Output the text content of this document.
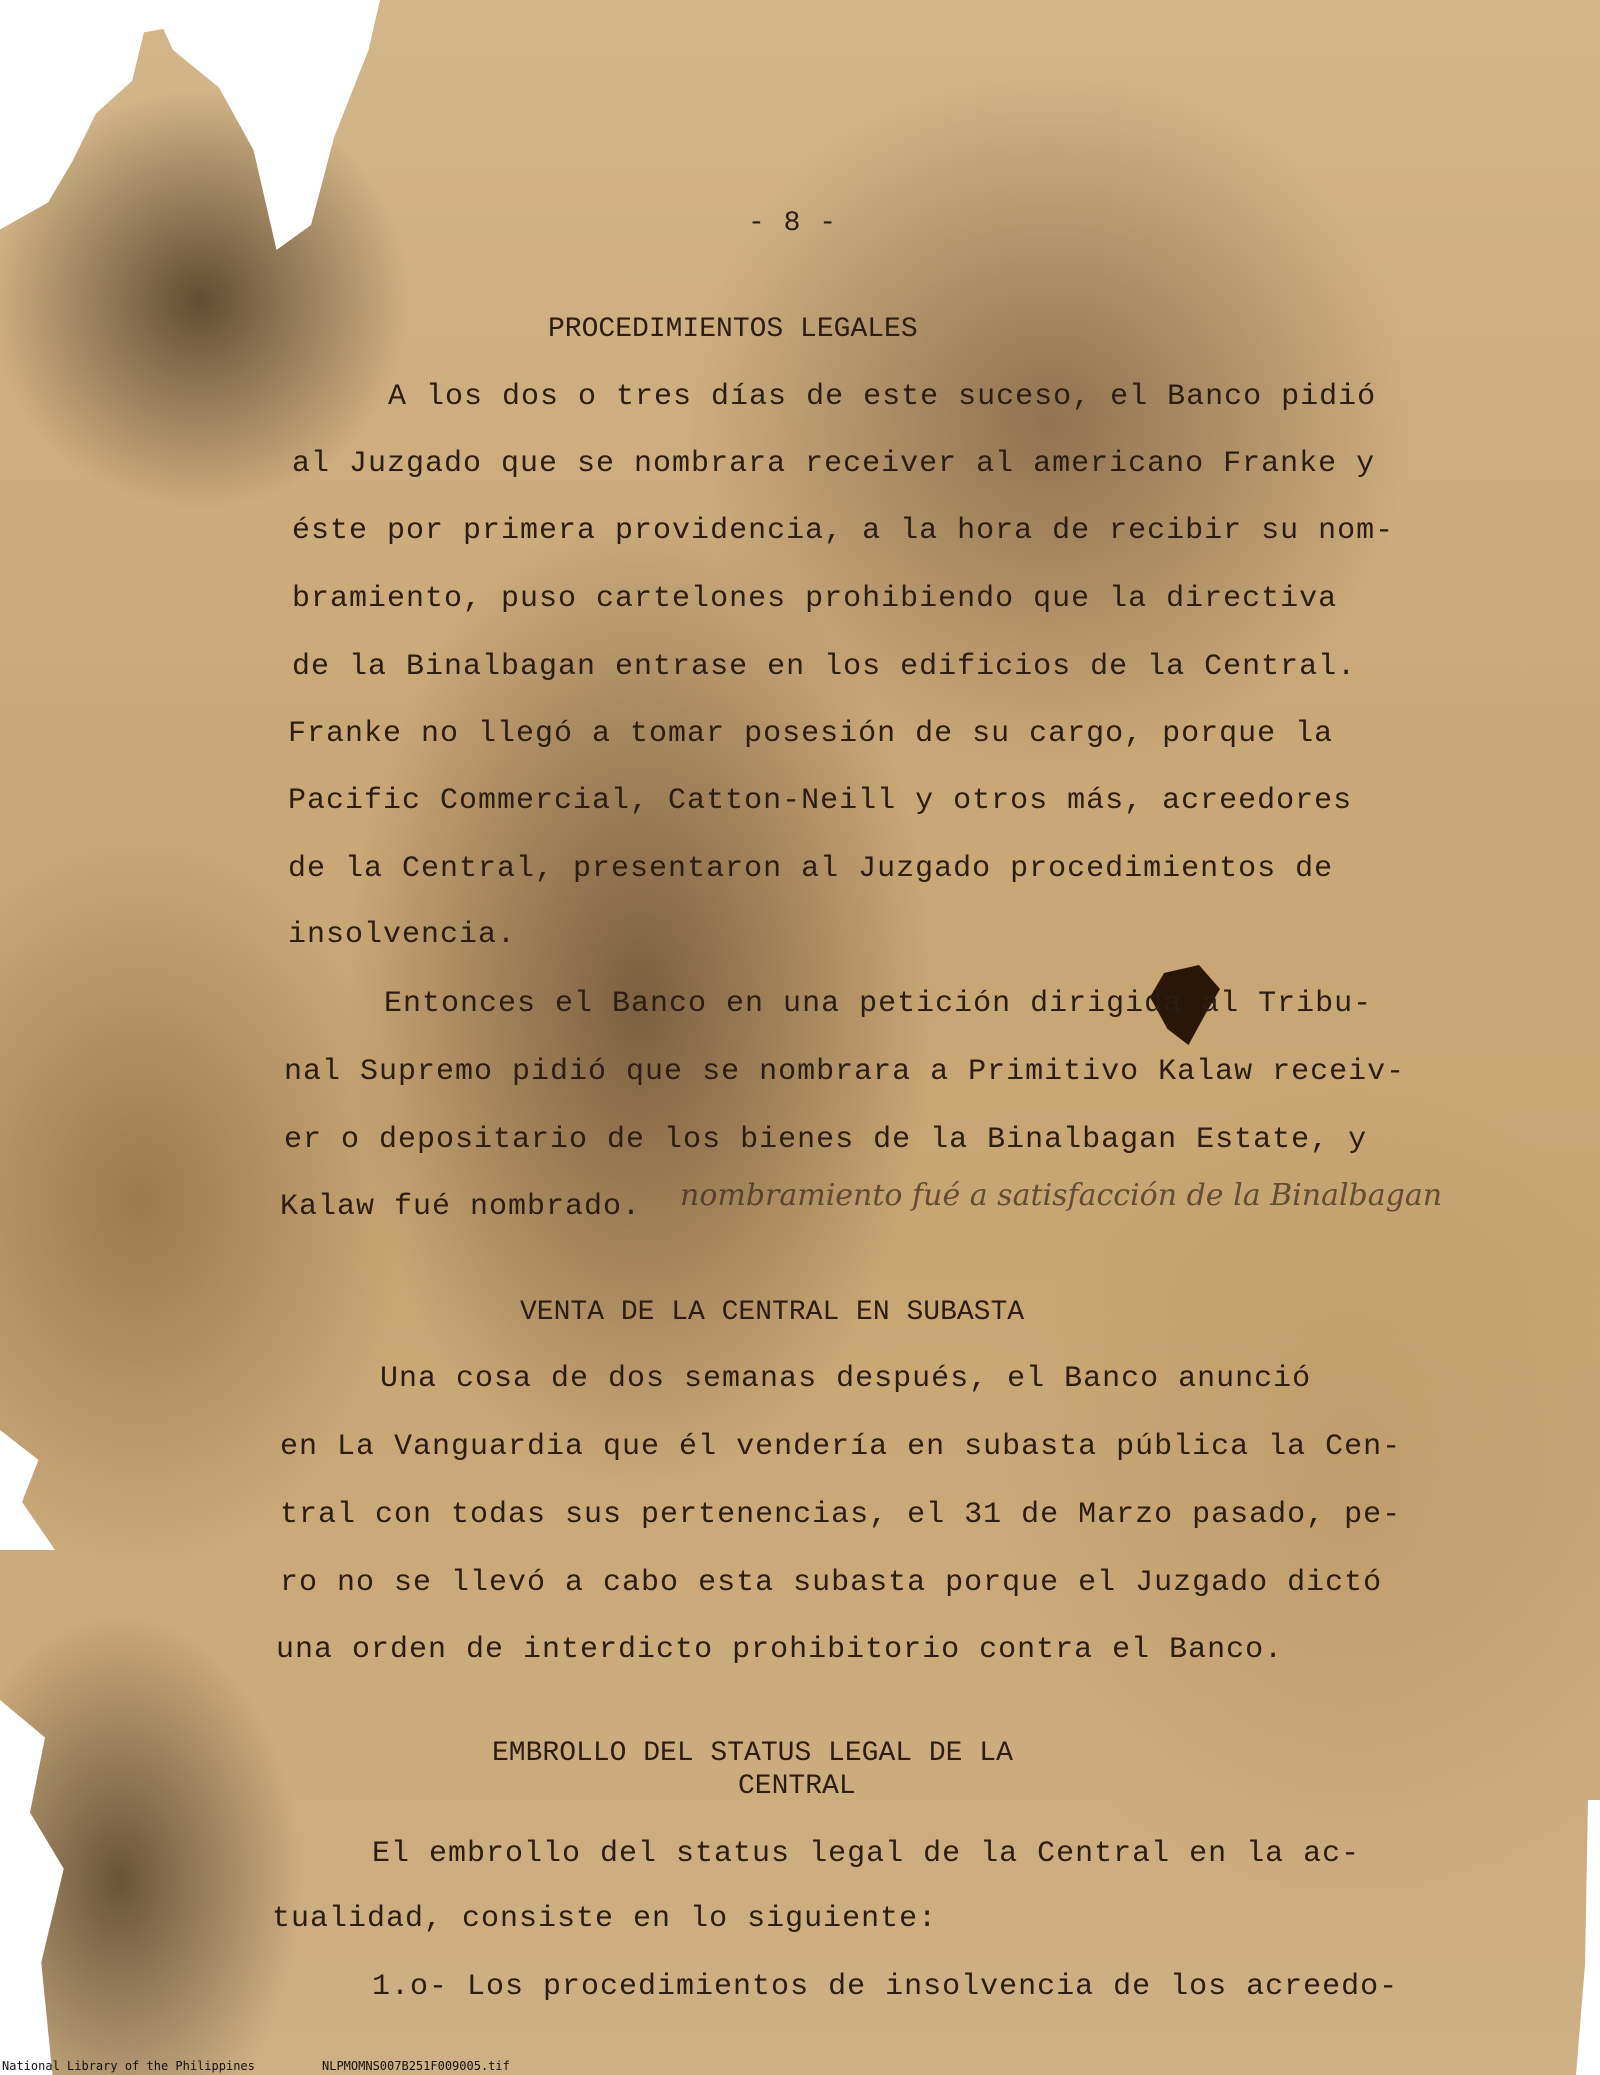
- 8 -
PROCEDIMIENTOS LEGALES
A los dos o tres días de este suceso, el Banco pidió
al Juzgado que se nombrara receiver al americano Franke y
éste por primera providencia, a la hora de recibir su nom-
bramiento, puso cartelones prohibiendo que la directiva
de la Binalbagan entrase en los edificios de la Central.
Franke no llegó a tomar posesión de su cargo, porque la
Pacific Commercial, Catton-Neill y otros más, acreedores
de la Central, presentaron al Juzgado procedimientos de
insolvencia.
Entonces el Banco en una petición dirigida al Tribu-
nal Supremo pidió que se nombrara a Primitivo Kalaw receiv-
er o depositario de los bienes de la Binalbagan Estate, y
Kalaw fué nombrado. nombramiento fué a satisfacción de la Binalbagan
VENTA DE LA CENTRAL EN SUBASTA
Una cosa de dos semanas después, el Banco anunció
en La Vanguardia que él vendería en subasta pública la Cen-
tral con todas sus pertenencias, el 31 de Marzo pasado, pe-
ro no se llevó a cabo esta subasta porque el Juzgado dictó
una orden de interdicto prohibitorio contra el Banco.
EMBROLLO DEL STATUS LEGAL DE LA
CENTRAL
El embrollo del status legal de la Central en la ac-
tualidad, consiste en lo siguiente:
1.o- Los procedimientos de insolvencia de los acreedo-
National Library of the Philippines	NLPMOMNS007B251F009005.tif
